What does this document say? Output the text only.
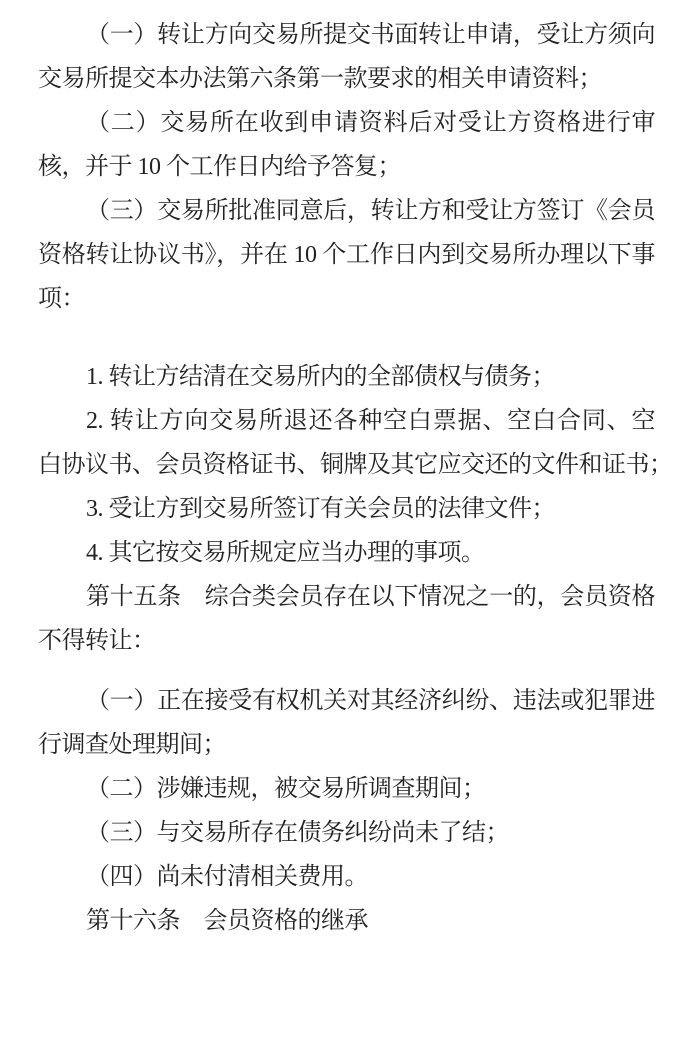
（一）转让方向交易所提交书面转让申请，受让方须向

交易所提交本办法第六条第一款要求的相关申请资料；

（二）交易所在收到申请资料后对受让方资格进行审

核，并于 10 个工作日内给予答复；

（三）交易所批准同意后，转让方和受让方签订《会员

资格转让协议书》，并在 10 个工作日内到交易所办理以下事

项：

1. 转让方结清在交易所内的全部债权与债务；

2. 转让方向交易所退还各种空白票据、空白合同、空

白协议书、会员资格证书、铜牌及其它应交还的文件和证书；

3. 受让方到交易所签订有关会员的法律文件；

4. 其它按交易所规定应当办理的事项。

第十五条　综合类会员存在以下情况之一的，会员资格

不得转让：

（一）正在接受有权机关对其经济纠纷、违法或犯罪进

行调查处理期间；

（二）涉嫌违规，被交易所调查期间；

（三）与交易所存在债务纠纷尚未了结；

（四）尚未付清相关费用。

第十六条　会员资格的继承
